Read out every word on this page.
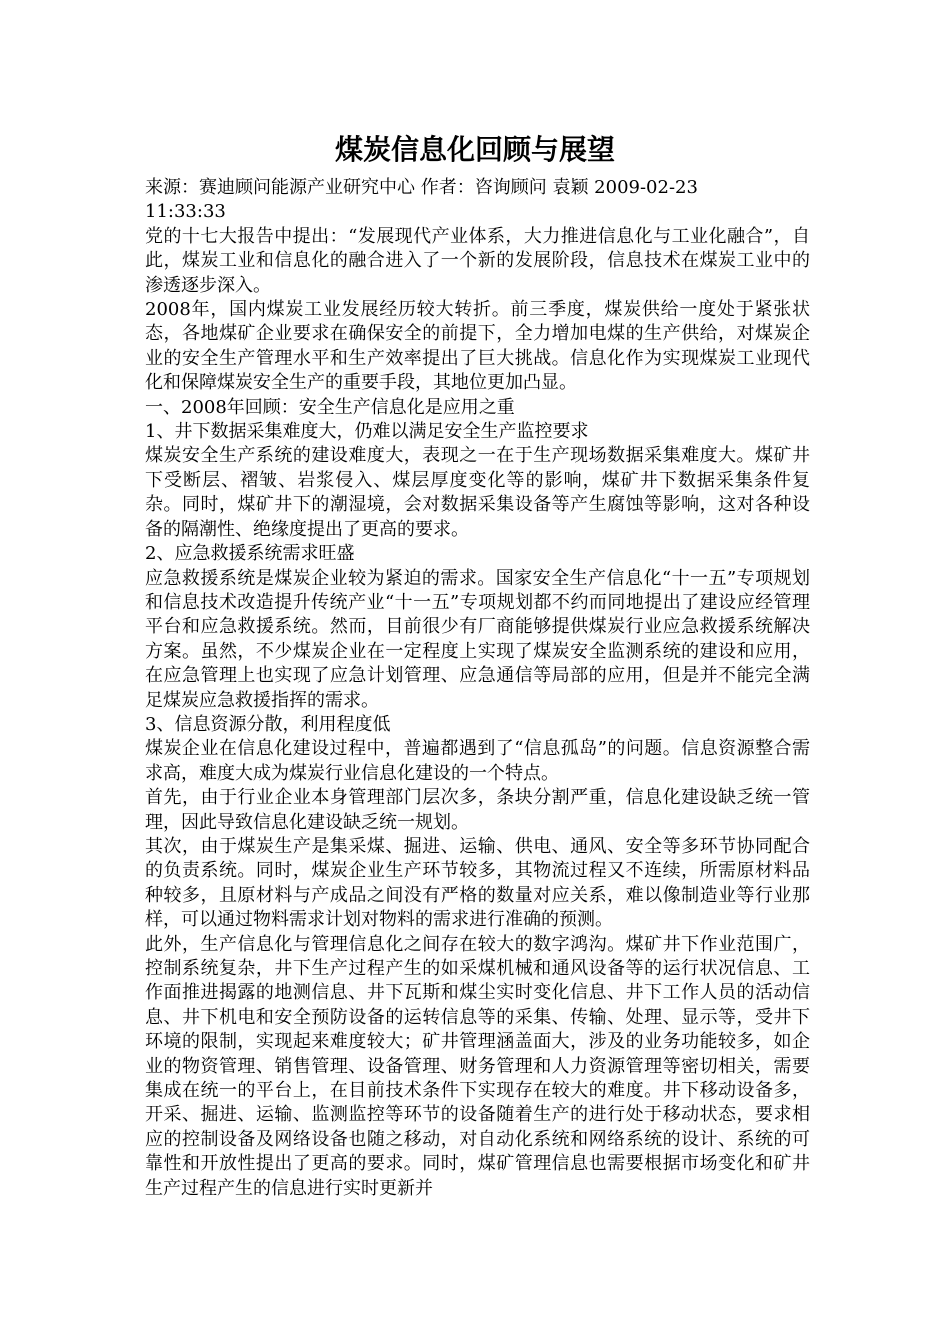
煤炭信息化回顾与展望

来源：赛迪顾问能源产业研究中心 作者：咨询顾问 袁颖 2009-02-23

11:33:33

党的十七大报告中提出：“发展现代产业体系，大力推进信息化与工业化融合”，自此，煤炭工业和信息化的融合进入了一个新的发展阶段，信息技术在煤炭工业中的渗透逐步深入。

2008年，国内煤炭工业发展经历较大转折。前三季度，煤炭供给一度处于紧张状态，各地煤矿企业要求在确保安全的前提下，全力增加电煤的生产供给，对煤炭企业的安全生产管理水平和生产效率提出了巨大挑战。信息化作为实现煤炭工业现代化和保障煤炭安全生产的重要手段，其地位更加凸显。

一、2008年回顾：安全生产信息化是应用之重

1、井下数据采集难度大，仍难以满足安全生产监控要求

煤炭安全生产系统的建设难度大，表现之一在于生产现场数据采集难度大。煤矿井下受断层、褶皱、岩浆侵入、煤层厚度变化等的影响，煤矿井下数据采集条件复杂。同时，煤矿井下的潮湿境，会对数据采集设备等产生腐蚀等影响，这对各种设备的隔潮性、绝缘度提出了更高的要求。

2、应急救援系统需求旺盛

应急救援系统是煤炭企业较为紧迫的需求。国家安全生产信息化“十一五”专项规划和信息技术改造提升传统产业“十一五”专项规划都不约而同地提出了建设应经管理平台和应急救援系统。然而，目前很少有厂商能够提供煤炭行业应急救援系统解决方案。虽然，不少煤炭企业在一定程度上实现了煤炭安全监测系统的建设和应用，在应急管理上也实现了应急计划管理、应急通信等局部的应用，但是并不能完全满足煤炭应急救援指挥的需求。

3、信息资源分散，利用程度低

煤炭企业在信息化建设过程中，普遍都遇到了“信息孤岛”的问题。信息资源整合需求高，难度大成为煤炭行业信息化建设的一个特点。

首先，由于行业企业本身管理部门层次多，条块分割严重，信息化建设缺乏统一管理，因此导致信息化建设缺乏统一规划。

其次，由于煤炭生产是集采煤、掘进、运输、供电、通风、安全等多环节协同配合的负责系统。同时，煤炭企业生产环节较多，其物流过程又不连续，所需原材料品种较多，且原材料与产成品之间没有严格的数量对应关系，难以像制造业等行业那样，可以通过物料需求计划对物料的需求进行准确的预测。

此外，生产信息化与管理信息化之间存在较大的数字鸿沟。煤矿井下作业范围广，控制系统复杂，井下生产过程产生的如采煤机械和通风设备等的运行状况信息、工作面推进揭露的地测信息、井下瓦斯和煤尘实时变化信息、井下工作人员的活动信息、井下机电和安全预防设备的运转信息等的采集、传输、处理、显示等，受井下环境的限制，实现起来难度较大；矿井管理涵盖面大，涉及的业务功能较多，如企业的物资管理、销售管理、设备管理、财务管理和人力资源管理等密切相关，需要集成在统一的平台上，在目前技术条件下实现存在较大的难度。井下移动设备多，开采、掘进、运输、监测监控等环节的设备随着生产的进行处于移动状态，要求相应的控制设备及网络设备也随之移动，对自动化系统和网络系统的设计、系统的可靠性和开放性提出了更高的要求。同时，煤矿管理信息也需要根据市场变化和矿井生产过程产生的信息进行实时更新并
